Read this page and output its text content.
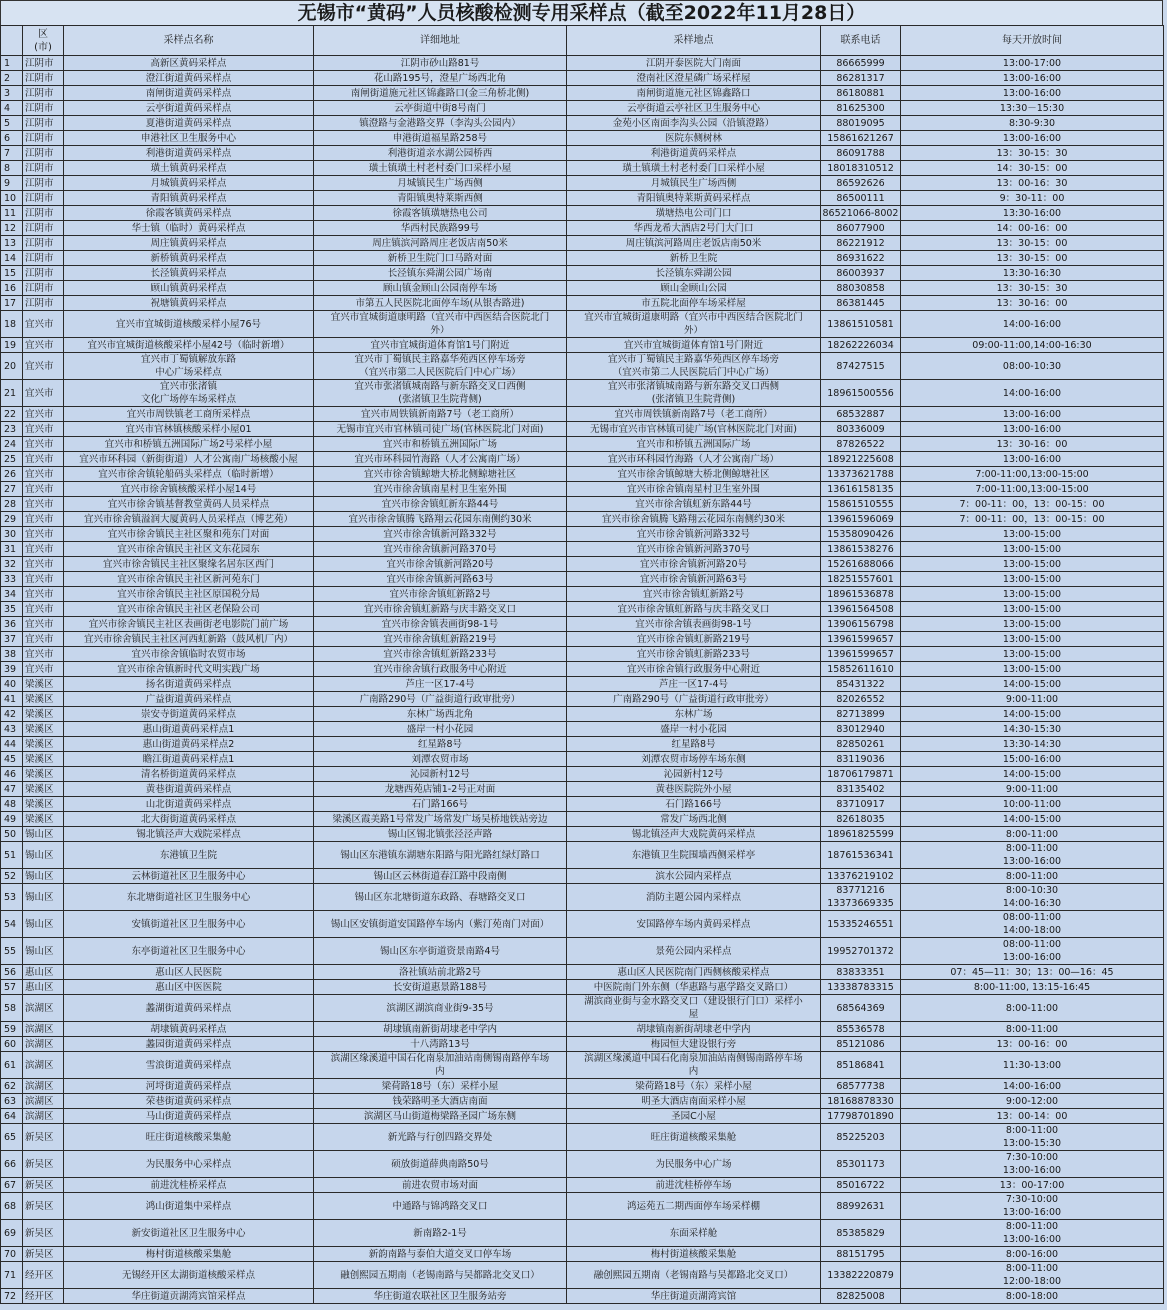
无锡市“黄码”人员核酸检测专用采样点（截至2022年11月28日）
	区
(市)	采样点名称	详细地址	采样地点	联系电话	每天开放时间
1	江阴市	高新区黄码采样点	江阴市砂山路81号	江阴开泰医院大门南面	86665999	13:00-17:00
2	江阴市	澄江街道黄码采样点	花山路195号，澄星广场西北角	澄南社区澄星磷广场采样屋	86281317	13:00-16:00
3	江阴市	南闸街道黄码采样点	南闸街道施元社区锦鑫路口(金三角桥北侧)	南闸街道施元社区锦鑫路口	86180881	13:00-16:00
4	江阴市	云亭街道黄码采样点	云亭街道中街8号南门	云亭街道云亭社区卫生服务中心	81625300	13:30－15:30
5	江阴市	夏港街道黄码采样点	镇澄路与金港路交界（李沟头公园内）	金苑小区南面李沟头公园（沿镇澄路）	88019095	8:30-9:30
6	江阴市	申港社区卫生服务中心	申港街道福星路258号	医院东侧树林	15861621267	13:00-16:00
7	江阴市	利港街道黄码采样点	利港街道亲水湖公园桥西	利港街道黄码采样点	86091788	13：30-15：30
8	江阴市	璜土镇黄码采样点	璜土镇璜土村老村委门口采样小屋	璜土镇璜土村老村委门口采样小屋	18018310512	14：30-15：00
9	江阴市	月城镇黄码采样点	月城镇民生广场西侧	月城镇民生广场西侧	86592626	13：00-16：30
10	江阴市	青阳镇黄码采样点	青阳镇奥特莱斯西侧	青阳镇奥特莱斯黄码采样点	86500111	9：30-11：00
11	江阴市	徐霞客镇黄码采样点	徐霞客镇璜塘热电公司	璜塘热电公司门口	86521066-8002	13:30-16:00
12	江阴市	华士镇（临时）黄码采样点	华西村民族路99号	华西龙希大酒店2号门大门口	86077900	14：00-16：00
13	江阴市	周庄镇黄码采样点	周庄镇滨河路周庄老饭店南50米	周庄镇滨河路周庄老饭店南50米	86221912	13：30-15：00
14	江阴市	新桥镇黄码采样点	新桥卫生院门口马路对面	新桥卫生院	86931622	13：30-15：00
15	江阴市	长泾镇黄码采样点	长泾镇东舜湖公园广场南	长泾镇东舜湖公园	86003937	13:30-16:30
16	江阴市	顾山镇黄码采样点	顾山镇金顾山公园南停车场	顾山金顾山公园	88030858	13：30-15：30
17	江阴市	祝塘镇黄码采样点	市第五人民医院北面停车场(从银杏路进)	市五院北面停车场采样屋	86381445	13：30-16：00
18	宜兴市	宜兴市宜城街道核酸采样小屋76号	宜兴市宜城街道康明路（宜兴市中西医结合医院北门
外）	宜兴市宜城街道康明路（宜兴市中西医结合医院北门
外）	13861510581	14:00-16:00
19	宜兴市	宜兴市宜城街道核酸采样小屋42号（临时新增）	宜兴市宜城街道体育馆1号门附近	宜兴市宜城街道体育馆1号门附近	18262226034	09:00-11:00,14:00-16:30
20	宜兴市	宜兴市丁蜀镇解放东路
中心广场采样点	宜兴市丁蜀镇民主路嘉华苑西区停车场旁
（宜兴市第二人民医院后门中心广场）	宜兴市丁蜀镇民主路嘉华苑西区停车场旁
（宜兴市第二人民医院后门中心广场）	87427515	08:00-10:30
21	宜兴市	宜兴市张渚镇
文化广场停车场采样点	宜兴市张渚镇城南路与新东路交叉口西侧
(张渚镇卫生院背侧)	宜兴市张渚镇城南路与新东路交叉口西侧
(张渚镇卫生院背侧)	18961500556	14:00-16:00
22	宜兴市	宜兴市周铁镇老工商所采样点	宜兴市周铁镇新南路7号（老工商所）	宜兴市周铁镇新南路7号（老工商所）	68532887	13:00-16:00
23	宜兴市	宜兴市官林镇核酸采样小屋01	无锡市宜兴市官林镇司徒广场(官林医院北门对面)	无锡市宜兴市官林镇司徒广场(官林医院北门对面)	80336009	13:00-16:00
24	宜兴市	宜兴市和桥镇五洲国际广场2号采样小屋	宜兴市和桥镇五洲国际广场	宜兴市和桥镇五洲国际广场	87826522	13：30-16：00
25	宜兴市	宜兴市环科园（新街街道）人才公寓南广场核酸小屋	宜兴市环科园竹海路（人才公寓南广场）	宜兴市环科园竹海路（人才公寓南广场）	18921225608	13:00-16:00
26	宜兴市	宜兴市徐舍镇轮船码头采样点（临时新增）	宜兴市徐舍镇鲸塘大桥北侧鲸塘社区	宜兴市徐舍镇鲸塘大桥北侧鲸塘社区	13373621788	7:00-11:00,13:00-15:00
27	宜兴市	宜兴市徐舍镇核酸采样小屋14号	宜兴市徐舍镇南星村卫生室外围	宜兴市徐舍镇南星村卫生室外围	13616158135	7:00-11:00,13:00-15:00
28	宜兴市	宜兴市徐舍镇基督教堂黄码人员采样点	宜兴市徐舍镇虹新东路44号	宜兴市徐舍镇虹新东路44号	15861510555	7：00-11：00，13：00-15：00
29	宜兴市	宜兴市徐舍镇溢润大厦黄码人员采样点（博艺苑）	宜兴市徐舍镇腾飞路翔云花园东南侧约30米	宜兴市徐舍镇腾飞路翔云花园东南侧约30米	13961596069	7：00-11：00，13：00-15：00
30	宜兴市	宜兴市徐舍镇民主社区聚和苑东门对面	宜兴市徐舍镇新河路332号	宜兴市徐舍镇新河路332号	15358090426	13:00-15:00
31	宜兴市	宜兴市徐舍镇民主社区文东花园东	宜兴市徐舍镇新河路370号	宜兴市徐舍镇新河路370号	13861538276	13:00-15:00
32	宜兴市	宜兴市徐舍镇民主社区聚缘名居东区西门	宜兴市徐舍镇新河路20号	宜兴市徐舍镇新河路20号	15261688066	13:00-15:00
33	宜兴市	宜兴市徐舍镇民主社区新河苑东门	宜兴市徐舍镇新河路63号	宜兴市徐舍镇新河路63号	18251557601	13:00-15:00
34	宜兴市	宜兴市徐舍镇民主社区原国税分局	宜兴市徐舍镇虹新路2号	宜兴市徐舍镇虹新路2号	18961536878	13:00-15:00
35	宜兴市	宜兴市徐舍镇民主社区老保险公司	宜兴市徐舍镇虹新路与庆丰路交叉口	宜兴市徐舍镇虹新路与庆丰路交叉口	13961564508	13:00-15:00
36	宜兴市	宜兴市徐舍镇民主社区表画街老电影院门前广场	宜兴市徐舍镇表画街98-1号	宜兴市徐舍镇表画街98-1号	13906156798	13:00-15:00
37	宜兴市	宜兴市徐舍镇民主社区河西虹新路（鼓风机厂内）	宜兴市徐舍镇虹新路219号	宜兴市徐舍镇虹新路219号	13961599657	13:00-15:00
38	宜兴市	宜兴市徐舍镇临时农贸市场	宜兴市徐舍镇虹新路233号	宜兴市徐舍镇虹新路233号	13961599657	13:00-15:00
39	宜兴市	宜兴市徐舍镇新时代文明实践广场	宜兴市徐舍镇行政服务中心附近	宜兴市徐舍镇行政服务中心附近	15852611610	13:00-15:00
40	梁溪区	扬名街道黄码采样点	芦庄一区17-4号	芦庄一区17-4号	85431322	14:00-15:00
41	梁溪区	广益街道黄码采样点	广南路290号（广益街道行政审批旁）	广南路290号（广益街道行政审批旁）	82026552	9:00-11:00
42	梁溪区	崇安寺街道黄码采样点	东林广场西北角	东林广场	82713899	14:00-15:00
43	梁溪区	惠山街道黄码采样点1	盛岸一村小花园	盛岸一村小花园	83012940	14:30-15:30
44	梁溪区	惠山街道黄码采样点2	红星路8号	红星路8号	82850261	13:30-14:30
45	梁溪区	瞻江街道黄码采样点1	刘潭农贸市场	刘潭农贸市场停车场东侧	83119036	15:00-16:00
46	梁溪区	清名桥街道黄码采样点	沁园新村12号	沁园新村12号	18706179871	14:00-15:00
47	梁溪区	黄巷街道黄码采样点	龙塘西苑店铺1-2号正对面	黄巷医院院外小屋	83135402	9:00-11:00
48	梁溪区	山北街道黄码采样点	石门路166号	石门路166号	83710917	10:00-11:00
49	梁溪区	北大街街道黄码采样点	梁溪区霞美路1号常发广场常发广场吴桥地铁站旁边	常发广场西北侧	82618035	14:00-15:00
50	锡山区	锡北镇泾声大戏院采样点	锡山区锡北镇张泾泾声路	锡北镇泾声大戏院黄码采样点	18961825599	8:00-11:00
51	锡山区	东港镇卫生院	锡山区东港镇东湖塘东阳路与阳光路红绿灯路口	东港镇卫生院围墙西侧采样亭	18761536341	8:00-11:00
13:00-16:00
52	锡山区	云林街道社区卫生服务中心	锡山区云林街道春江路中段南侧	滨水公园内采样点	13376219102	8:00-11:00
53	锡山区	东北塘街道社区卫生服务中心	锡山区东北塘街道东政路、春塘路交叉口	消防主题公园内采样点	83771216
13373669335	8:00-10:30
14:00-16:30
54	锡山区	安镇街道社区卫生服务中心	锡山区安镇街道安国路停车场内（紫汀苑南门对面）	安国路停车场内黄码采样点	15335246551	08:00-11:00
14:00-18:00
55	锡山区	东亭街道社区卫生服务中心	锡山区东亭街道资景南路4号	景苑公园内采样点	19952701372	08:00-11:00
13:00-16:00
56	惠山区	惠山区人民医院	洛社镇站前北路2号	惠山区人民医院南门西侧核酸采样点	83833351	07：45—11：30；13：00—16：45
57	惠山区	惠山区中医医院	长安街道惠景路188号	中医院南门外东侧（华惠路与惠学路交叉路口）	13338783315	8:00-11:00, 13:15-16:45
58	滨湖区	蠡湖街道黄码采样点	滨湖区湖滨商业街9-35号	湖滨商业街与金水路交叉口（建设银行门口）采样小
屋	68564369	8:00-11:00
59	滨湖区	胡埭镇黄码采样点	胡埭镇南新街胡埭老中学内	胡埭镇南新街胡埭老中学内	85536578	8:00-11:00
60	滨湖区	蠡园街道黄码采样点	十八湾路13号	梅园恒大建设银行旁	85121086	13：00-16：00
61	滨湖区	雪浪街道黄码采样点	滨湖区缘溪道中国石化南泉加油站南侧锡南路停车场
内	滨湖区缘溪道中国石化南泉加油站南侧锡南路停车场
内	85186841	11:30-13:00
62	滨湖区	河埒街道黄码采样点	梁荷路18号（东）采样小屋	梁荷路18号（东）采样小屋	68577738	14:00-16:00
63	滨湖区	荣巷街道黄码采样点	钱荣路明圣大酒店南面	明圣大酒店南面采样小屋	18168878330	9:00-12:00
64	滨湖区	马山街道黄码采样点	滨湖区马山街道梅梁路圣园广场东侧	圣园C小屋	17798701890	13：00-14：00
65	新吴区	旺庄街道核酸采集舱	新光路与行创四路交界处	旺庄街道核酸采集舱	85225203	8:00-11:00
13:00-15:30
66	新吴区	为民服务中心采样点	硕放街道薛典南路50号	为民服务中心广场	85301173	7:30-10:00
13:00-16:00
67	新吴区	前进沈桂桥采样点	前进农贸市场对面	前进沈桂桥停车场	85016722	13：00-17:00
68	新吴区	鸿山街道集中采样点	中通路与锦鸿路交叉口	鸿运苑五二期西面停车场采样棚	88992631	7:30-10:00
13:00-16:00
69	新吴区	新安街道社区卫生服务中心	新南路2-1号	东面采样舱	85385829	8:00-11:00
13:00-16:00
70	新吴区	梅村街道核酸采集舱	新韵南路与泰伯大道交叉口停车场	梅村街道核酸采集舱	88151795	8:00-16:00
71	经开区	无锡经开区太湖街道核酸采样点	融创熙园五期南（老锡南路与吴都路北交叉口）	融创熙园五期南（老锡南路与吴都路北交叉口）	13382220879	8:00-11:00
12:00-18:00
72	经开区	华庄街道贡湖湾宾馆采样点	华庄街道农联社区卫生服务站旁	华庄街道贡湖湾宾馆	82825008	8:00-18:00
